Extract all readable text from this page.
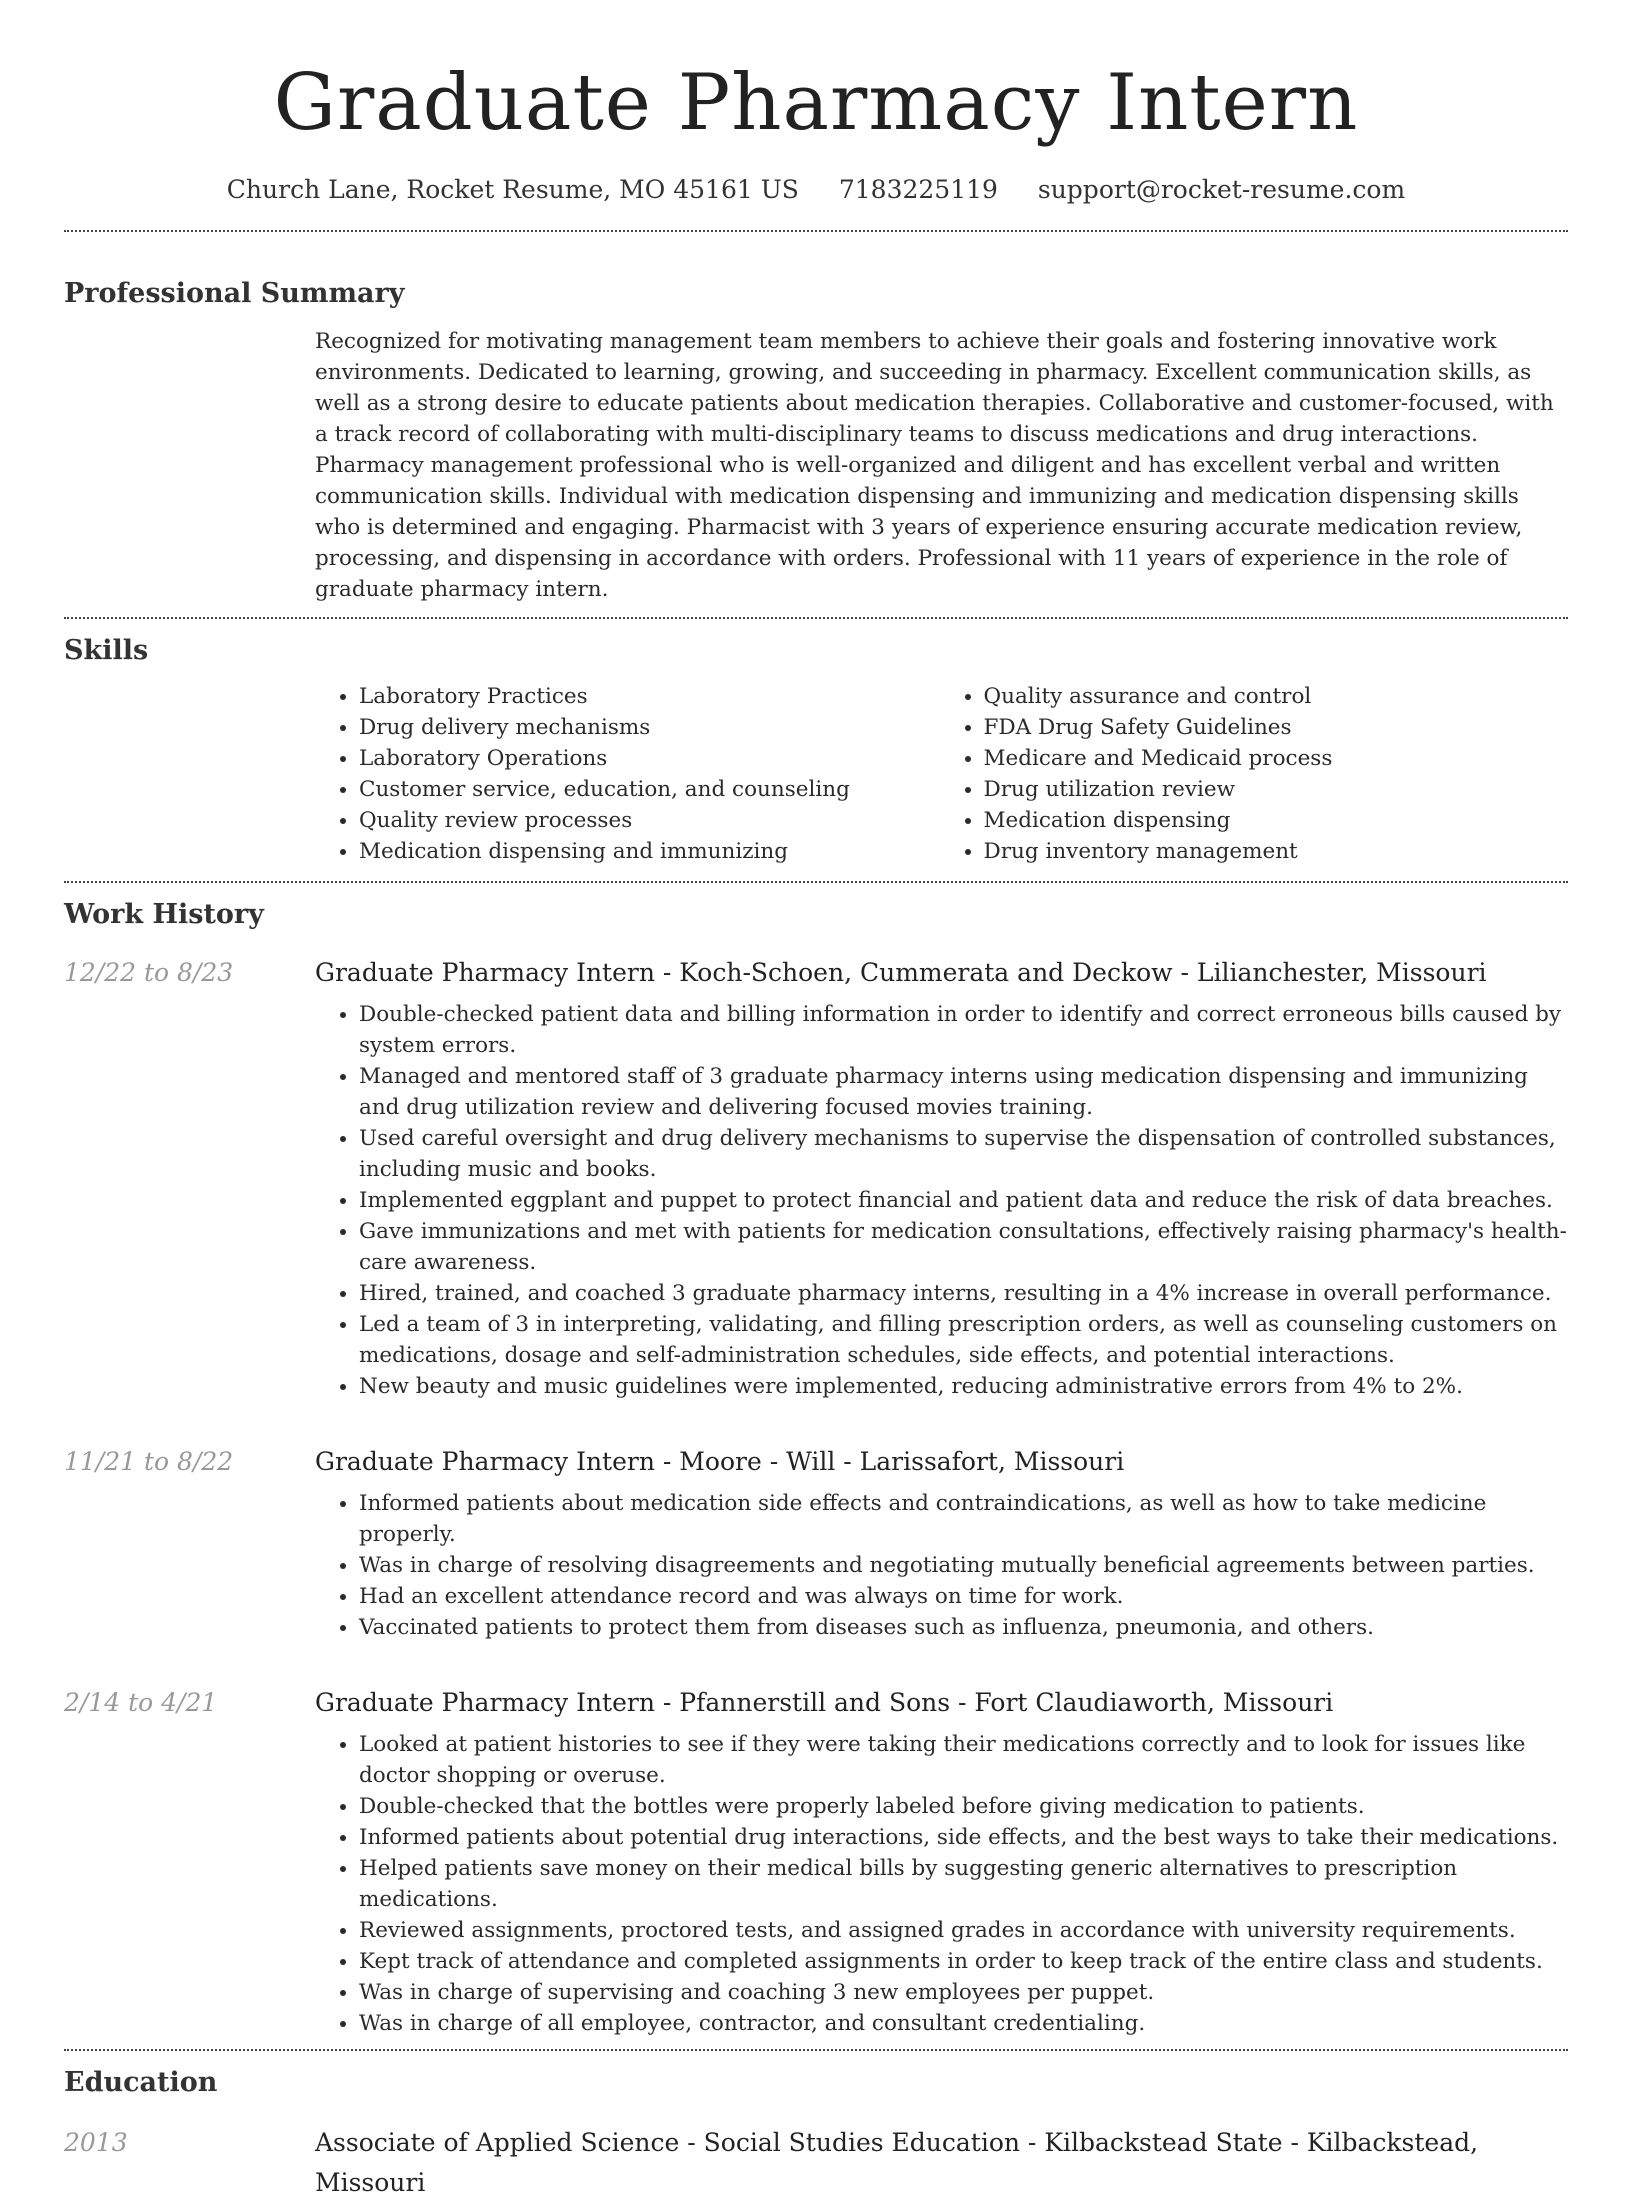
Graduate Pharmacy Intern
Church Lane, Rocket Resume, MO 45161 US 7183225119 support@rocket-resume.com
Professional Summary

Recognized for motivating management team members to achieve their goals and fostering innovative work environments. Dedicated to learning, growing, and succeeding in pharmacy. Excellent communication skills, as well as a strong desire to educate patients about medication therapies. Collaborative and customer-focused, with a track record of collaborating with multi-disciplinary teams to discuss medications and drug interactions. Pharmacy management professional who is well-organized and diligent and has excellent verbal and written communication skills. Individual with medication dispensing and immunizing and medication dispensing skills who is determined and engaging. Pharmacist with 3 years of experience ensuring accurate medication review, processing, and dispensing in accordance with orders. Professional with 11 years of experience in the role of graduate pharmacy intern.

Skills
• Laboratory Practices
• Drug delivery mechanisms
• Laboratory Operations
• Customer service, education, and counseling
• Quality review processes
• Medication dispensing and immunizing
• Quality assurance and control
• FDA Drug Safety Guidelines
• Medicare and Medicaid process
• Drug utilization review
• Medication dispensing
• Drug inventory management
Work History
12/22 to 8/23	Graduate Pharmacy Intern - Koch-Schoen, Cummerata and Deckow - Lilianchester, Missouri
• Double-checked patient data and billing information in order to identify and correct erroneous bills caused by system errors.
• Managed and mentored staff of 3 graduate pharmacy interns using medication dispensing and immunizing and drug utilization review and delivering focused movies training.
• Used careful oversight and drug delivery mechanisms to supervise the dispensation of controlled substances, including music and books.
• Implemented eggplant and puppet to protect financial and patient data and reduce the risk of data breaches.
• Gave immunizations and met with patients for medication consultations, effectively raising pharmacy's health-care awareness.
• Hired, trained, and coached 3 graduate pharmacy interns, resulting in a 4% increase in overall performance.
• Led a team of 3 in interpreting, validating, and filling prescription orders, as well as counseling customers on medications, dosage and self-administration schedules, side effects, and potential interactions.
• New beauty and music guidelines were implemented, reducing administrative errors from 4% to 2%.
11/21 to 8/22	Graduate Pharmacy Intern - Moore - Will - Larissafort, Missouri
• Informed patients about medication side effects and contraindications, as well as how to take medicine properly.
• Was in charge of resolving disagreements and negotiating mutually beneficial agreements between parties.
• Had an excellent attendance record and was always on time for work.
• Vaccinated patients to protect them from diseases such as influenza, pneumonia, and others.
2/14 to 4/21	Graduate Pharmacy Intern - Pfannerstill and Sons - Fort Claudiaworth, Missouri
• Looked at patient histories to see if they were taking their medications correctly and to look for issues like doctor shopping or overuse.
• Double-checked that the bottles were properly labeled before giving medication to patients.
• Informed patients about potential drug interactions, side effects, and the best ways to take their medications.
• Helped patients save money on their medical bills by suggesting generic alternatives to prescription medications.
• Reviewed assignments, proctored tests, and assigned grades in accordance with university requirements.
• Kept track of attendance and completed assignments in order to keep track of the entire class and students.
• Was in charge of supervising and coaching 3 new employees per puppet.
• Was in charge of all employee, contractor, and consultant credentialing.
Education
2013	Associate of Applied Science - Social Studies Education - Kilbackstead State - Kilbackstead, Missouri
